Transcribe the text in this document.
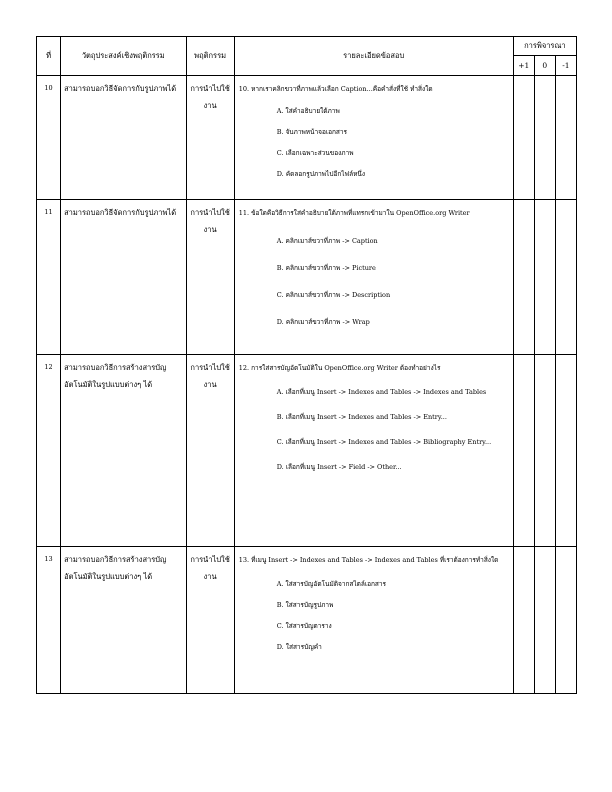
ที่	วัตถุประสงค์เชิงพฤติกรรม	พฤติกรรม	รายละเอียดข้อสอบ	การพิจารณา		
				+1	0	-1
10	สามารถบอกวิธีจัดการกับรูปภาพได้	การนำไปใช้งาน	10. หากเราคลิกขวาที่ภาพแล้วเลือก Caption...คือคำสั่งที่ใช้ ทำสิ่งใด

A. ใส่คำอธิบายใต้ภาพ

B. จับภาพหน้าจอเอกสาร

C. เลือกเฉพาะส่วนของภาพ

D. คัดลอกรูปภาพไปอีกไฟล์หนึ่ง			

11	สามารถบอกวิธีจัดการกับรูปภาพได้	การนำไปใช้งาน	11. ข้อใดคือวิธีการใส่คำอธิบายใต้ภาพที่แทรกเข้ามาใน OpenOffice.org Writer

A. คลิกเมาส์ขวาที่ภาพ -> Caption

B. คลิกเมาส์ขวาที่ภาพ -> Picture

C. คลิกเมาส์ขวาที่ภาพ -> Description

D. คลิกเมาส์ขวาที่ภาพ -> Wrap			

12	สามารถบอกวิธีการสร้างสารบัญอัตโนมัติในรูปแบบต่างๆ ได้	การนำไปใช้งาน	12. การใส่สารบัญอัตโนมัติใน OpenOffice.org Writer ต้องทำอย่างไร

A. เลือกที่เมนู Insert -> Indexes and Tables -> Indexes and Tables

B. เลือกที่เมนู Insert -> Indexes and Tables -> Entry...

C. เลือกที่เมนู Insert -> Indexes and Tables -> Bibliography Entry...

D. เลือกที่เมนู Insert -> Field -> Other...			

13	สามารถบอกวิธีการสร้างสารบัญอัตโนมัติในรูปแบบต่างๆ ได้	การนำไปใช้งาน	13. ที่เมนู Insert -> Indexes and Tables -> Indexes and Tables ที่เราต้องการทำสิ่งใด

A. ใส่สารบัญอัตโนมัติจากสไตล์เอกสาร

B. ใส่สารบัญรูปภาพ

C. ใส่สารบัญตาราง

D. ใส่สารบัญคำ			
